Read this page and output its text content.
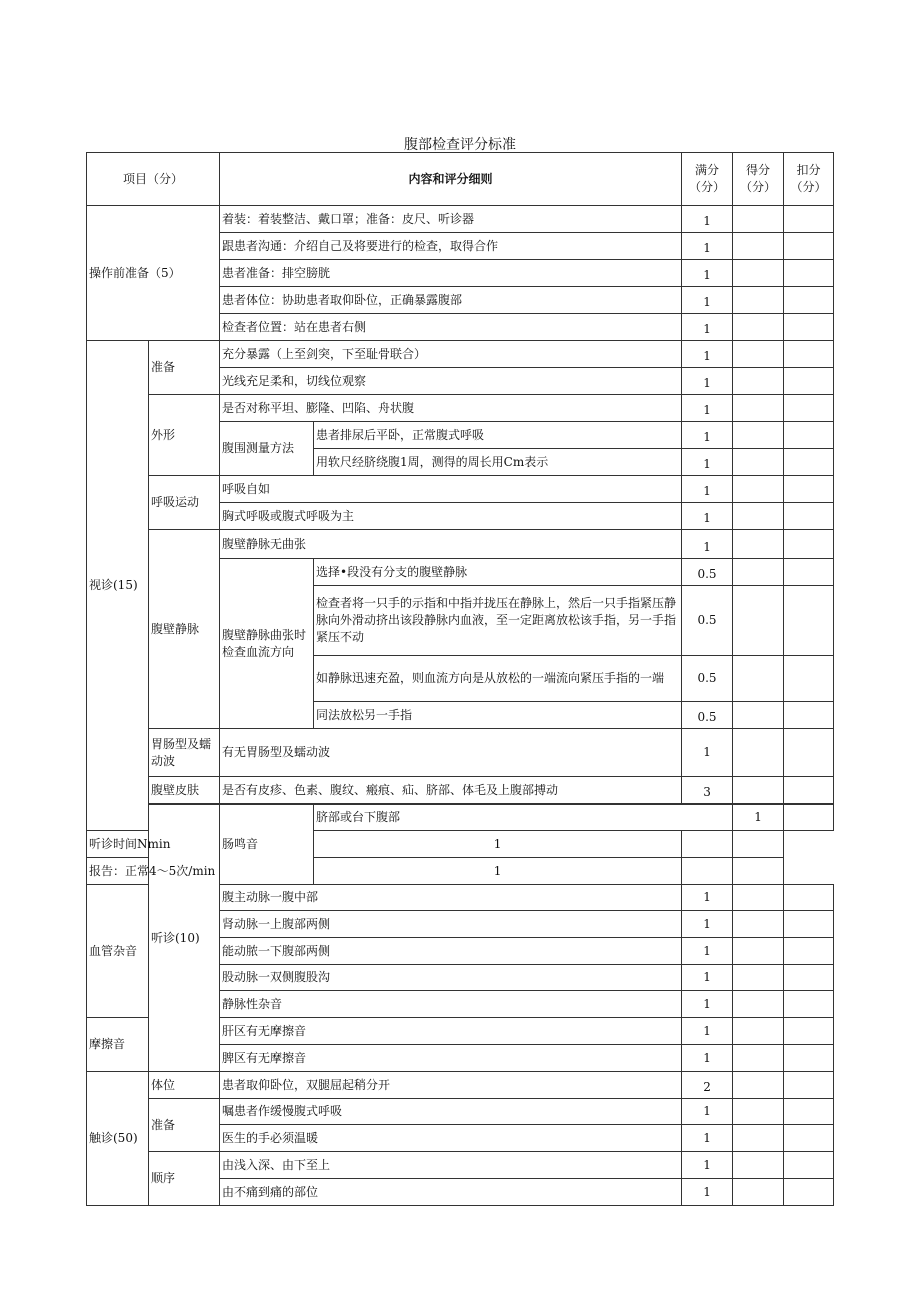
腹部检查评分标准
项目（分）		内容和评分细则		满分（分）	得分（分）	扣分（分）	
操作前准备（5）		着装：着装整洁、戴口罩；准备：皮尺、听诊器		1			
		跟患者沟通：介绍自己及将要进行的检查，取得合作		1			
		患者准备：排空膀胱		1			
		患者体位：协助患者取仰卧位，正确暴露腹部		1			
		检查者位置：站在患者右侧		1			
视诊(15)	准备	充分暴露（上至剑突，下至耻骨联合）		1			
		光线充足柔和，切线位观察		1			
	外形	是否对称平坦、膨隆、凹陷、舟状腹		1			
		腹围测量方法	患者排尿后平卧，正常腹式呼吸	1			
			用软尺经脐绕腹1周，测得的周长用Cm表示	1			
	呼吸运动	呼吸自如		1			
		胸式呼吸或腹式呼吸为主		1			
	腹壁静脉	腹壁静脉无曲张		1			
		腹壁静脉曲张时检查血流方向	选择•段没有分支的腹壁静脉	0.5			
			检查者将一只手的示指和中指并拢压在静脉上，然后一只手指紧压静脉向外滑动挤出该段静脉内血液，至一定距离放松该手指，另一手指紧压不动	0.5			
			如静脉迅速充盈，则血流方向是从放松的一端流向紧压手指的一端	0.5			
			同法放松另一手指	0.5			
	胃肠型及蠕动波	有无胃肠型及蠕动波		1			
	腹壁皮肤	是否有皮疹、色素、腹纹、瘢痕、疝、脐部、体毛及上腹部搏动		3			

	听诊(10)	肠鸣音	脐部或台下腹部		1		
听诊时间Nmin			1				
报告：正常4～5次/min			1				
血管杂音		腹主动脉一腹中部		1			
		肾动脉一上腹部两侧		1			
		能动脓一下腹部两侧		1			
		股动脉一双侧腹股沟		1			
		静脉性杂音		1			
摩擦音		肝区有无摩擦音		1			
		脾区有无摩擦音		1			
触诊(50)	体位	患者取仰卧位，双腿屈起稍分开		2			
	准备	嘱患者作缓慢腹式呼吸		1			
		医生的手必须温暖		1			
	顺序	由浅入深、由下至上		1			
		由不痛到痛的部位		1			
